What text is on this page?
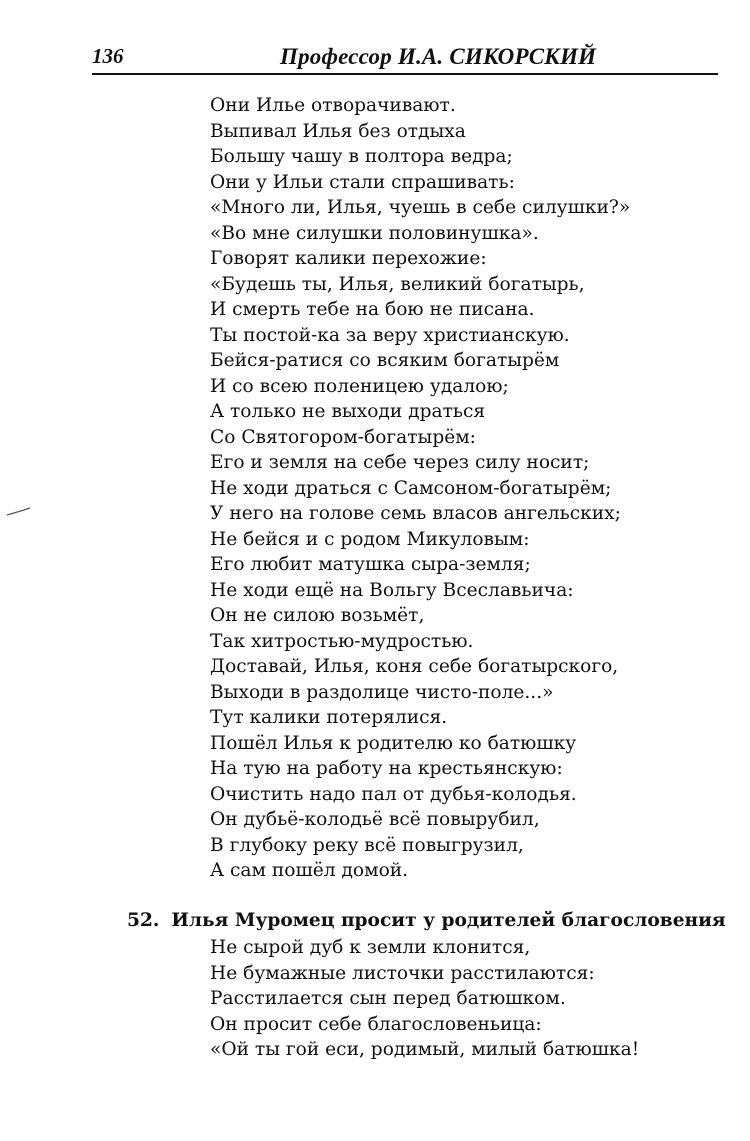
136	Профессор И.А. СИКОРСКИЙ
Они Илье отворачивают.
Выпивал Илья без отдыха
Большу чашу в полтора ведра;
Они у Ильи стали спрашивать:
«Много ли, Илья, чуешь в себе силушки?»
«Во мне силушки половинушка».
Говорят калики перехожие:
«Будешь ты, Илья, великий богатырь,
И смерть тебе на бою не писана.
Ты постой-ка за веру христианскую.
Бейся-ратися со всяким богатырём
И со всею поленицею удалою;
А только не выходи драться
Со Святогором-богатырём:
Его и земля на себе через силу носит;
Не ходи драться с Самсоном-богатырём;
У него на голове семь власов ангельских;
Не бейся и с родом Микуловым:
Его любит матушка сыра-земля;
Не ходи ещё на Вольгу Всеславьича:
Он не силою возьмёт,
Так хитростью-мудростью.
Доставай, Илья, коня себе богатырского,
Выходи в раздолице чисто-поле...»
Тут калики потерялися.
Пошёл Илья к родителю ко батюшку
На тую на работу на крестьянскую:
Очистить надо пал от дубья-колодья.
Он дубьё-колодьё всё повырубил,
В глубоку реку всё повыгрузил,
А сам пошёл домой.
52. Илья Муромец просит у родителей благословения
Не сырой дуб к земли клонится,
Не бумажные листочки расстилаются:
Расстилается сын перед батюшком.
Он просит себе благословеньица:
«Ой ты гой еси, родимый, милый батюшка!
